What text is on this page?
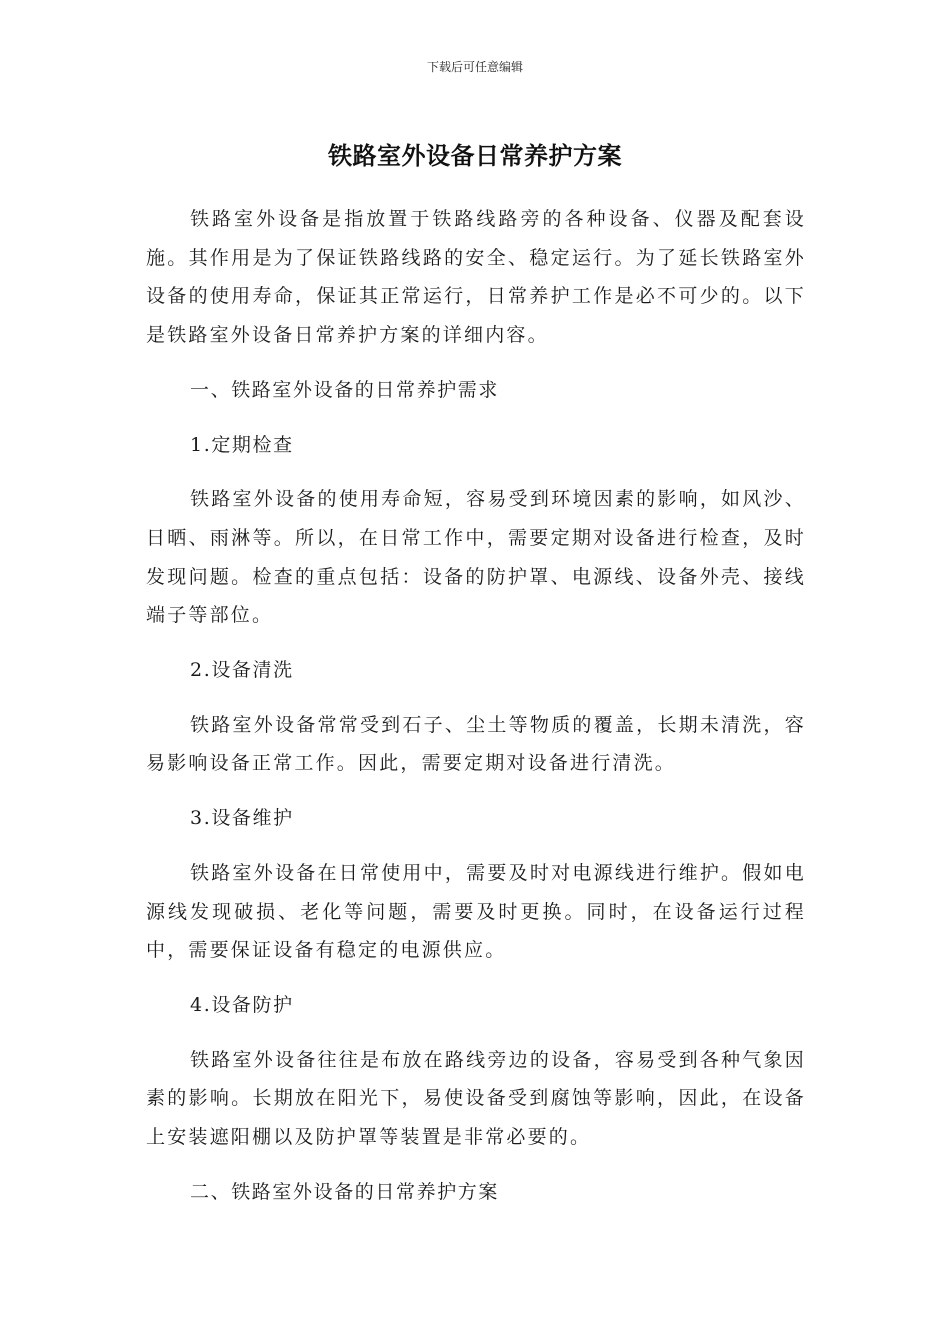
下载后可任意编辑
铁路室外设备日常养护方案

铁路室外设备是指放置于铁路线路旁的各种设备、仪器及配套设施。其作用是为了保证铁路线路的安全、稳定运行。为了延长铁路室外设备的使用寿命，保证其正常运行，日常养护工作是必不可少的。以下是铁路室外设备日常养护方案的详细内容。

一、铁路室外设备的日常养护需求

1.定期检查

铁路室外设备的使用寿命短，容易受到环境因素的影响，如风沙、日晒、雨淋等。所以，在日常工作中，需要定期对设备进行检查，及时发现问题。检查的重点包括：设备的防护罩、电源线、设备外壳、接线端子等部位。

2.设备清洗

铁路室外设备常常受到石子、尘土等物质的覆盖，长期未清洗，容易影响设备正常工作。因此，需要定期对设备进行清洗。

3.设备维护

铁路室外设备在日常使用中，需要及时对电源线进行维护。假如电源线发现破损、老化等问题，需要及时更换。同时，在设备运行过程中，需要保证设备有稳定的电源供应。

4.设备防护

铁路室外设备往往是布放在路线旁边的设备，容易受到各种气象因素的影响。长期放在阳光下，易使设备受到腐蚀等影响，因此，在设备上安装遮阳棚以及防护罩等装置是非常必要的。

二、铁路室外设备的日常养护方案
